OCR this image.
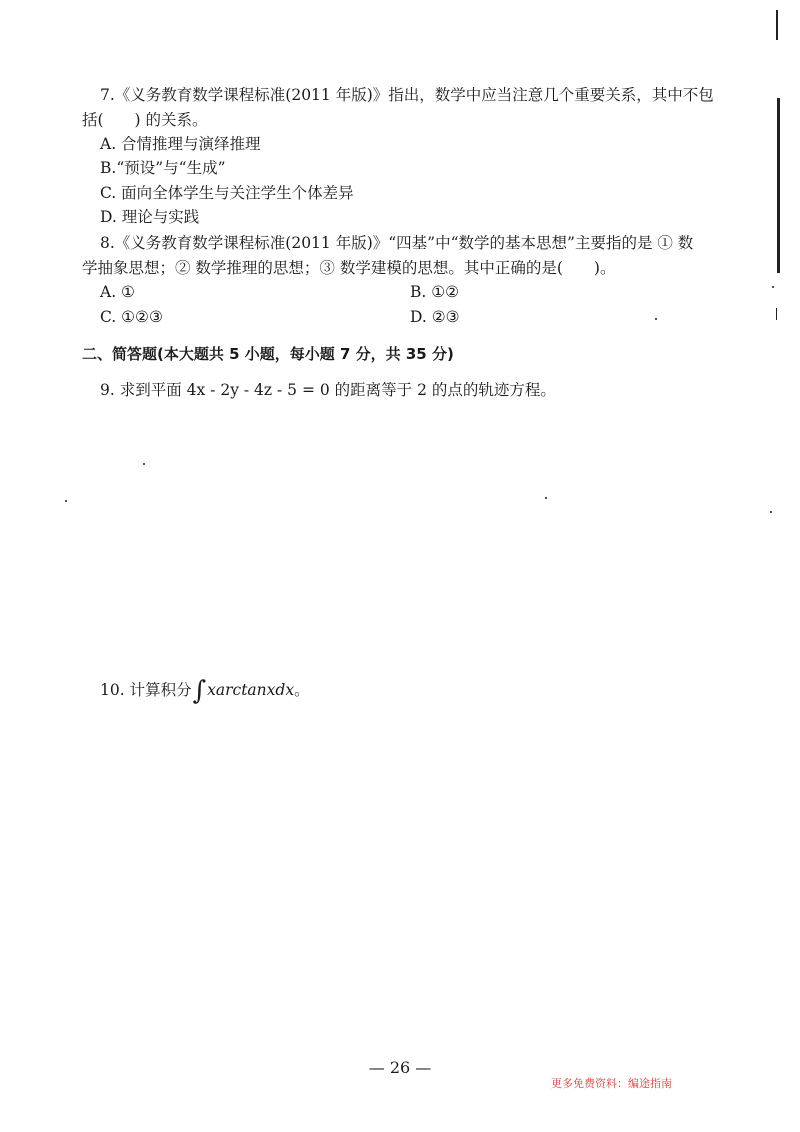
7.《义务教育数学课程标准(2011 年版)》指出，数学中应当注意几个重要关系，其中不包
括(　　) 的关系。
A. 合情推理与演绎推理
B.“预设”与“生成”
C. 面向全体学生与关注学生个体差异
D. 理论与实践
8.《义务教育数学课程标准(2011 年版)》“四基”中“数学的基本思想”主要指的是 ① 数
学抽象思想；② 数学推理的思想；③ 数学建模的思想。其中正确的是(　　)。
A. ①	B. ①②
C. ①②③	D. ②③
二、简答题(本大题共 5 小题，每小题 7 分，共 35 分)
9. 求到平面 4x - 2y - 4z - 5 = 0 的距离等于 2 的点的轨迹方程。
10. 计算积分∫xarctanxdx。
— 26 —
更多免费资料：编途指南
